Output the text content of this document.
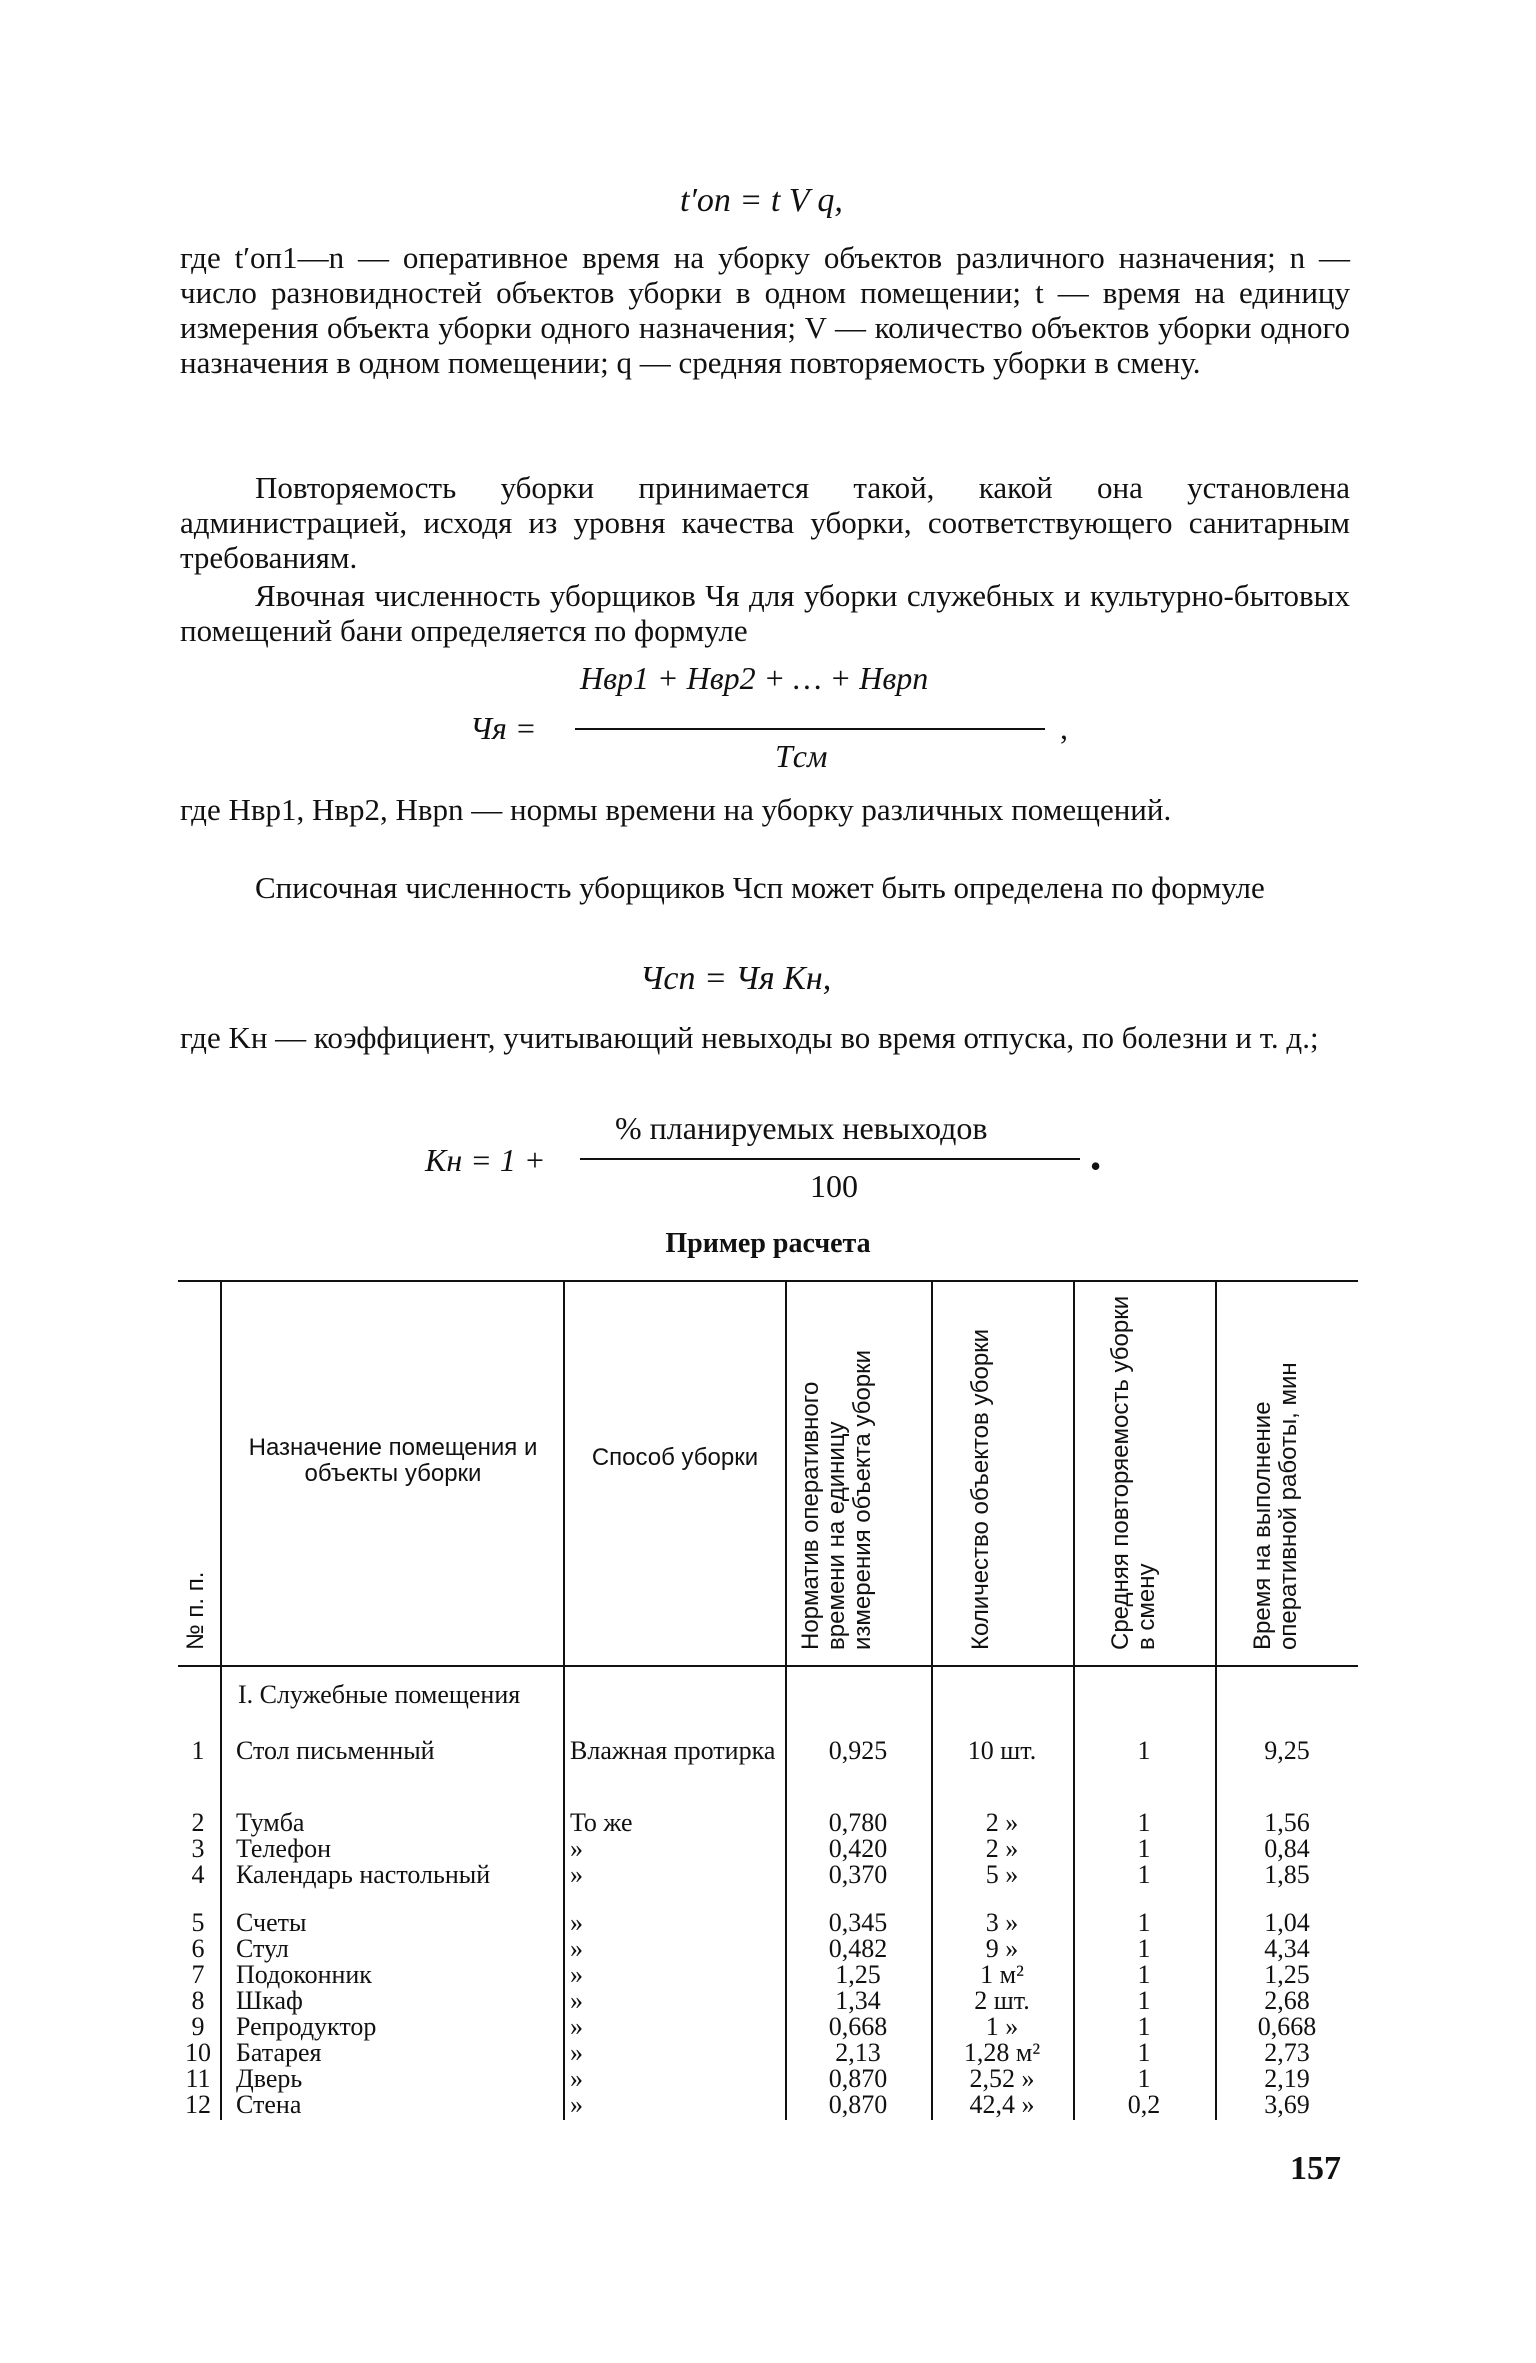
t′оп = t V q,
где t′оп1—n — оперативное время на уборку объектов различного назначения; n — число разновидностей объектов уборки в одном помещении; t — время на единицу измерения объекта уборки одного назначения; V — количество объектов уборки одного назначения в одном помещении; q — средняя повторяемость уборки в смену.
Повторяемость уборки принимается такой, какой она установлена администрацией, исходя из уровня качества уборки, соответствующего санитарным требованиям.
Явочная численность уборщиков Чя для уборки служебных и культурно-бытовых помещений бани определяется по формуле
Чя =
Hвр1 + Hвр2 + … + Hврn
Tсм
,
где Hвр1, Hвр2, Hврn — нормы времени на уборку различных помещений.
Списочная численность уборщиков Чсп может быть определена по формуле
Чсп = Чя Kн,
где Kн — коэффициент, учитывающий невыходы во время отпуска, по болезни и т. д.;
Kн = 1 +
% планируемых невыходов
100
•
Пример расчета
№ п. п.
Назначение помещения и объекты уборки
Способ уборки	Норматив оперативного времени на единицу измерения объекта уборки	Количество объектов уборки	Средняя повторяемость уборки в смену	Время на выполнение оперативной работы, мин
I. Служебные помещения
1	Стол письменный	Влажная протирка	0,925	10 шт.	1	9,25
2	Тумба	То же	0,780	2 »	1	1,56
3	Телефон	»	0,420	2 »	1	0,84
4	Календарь настольный	»	0,370	5 »	1	1,85
5	Счеты	»	0,345	3 »	1	1,04
6	Стул	»	0,482	9 »	1	4,34
7	Подоконник	»	1,25	1 м²	1	1,25
8	Шкаф	»	1,34	2 шт.	1	2,68
9	Репродуктор	»	0,668	1 »	1	0,668
10 Батарея	»	2,13	1,28 м²	1	2,73
11 Дверь	»	0,870	2,52 »	1	2,19
12 Стена	»	0,870	42,4 »	0,2	3,69
157
